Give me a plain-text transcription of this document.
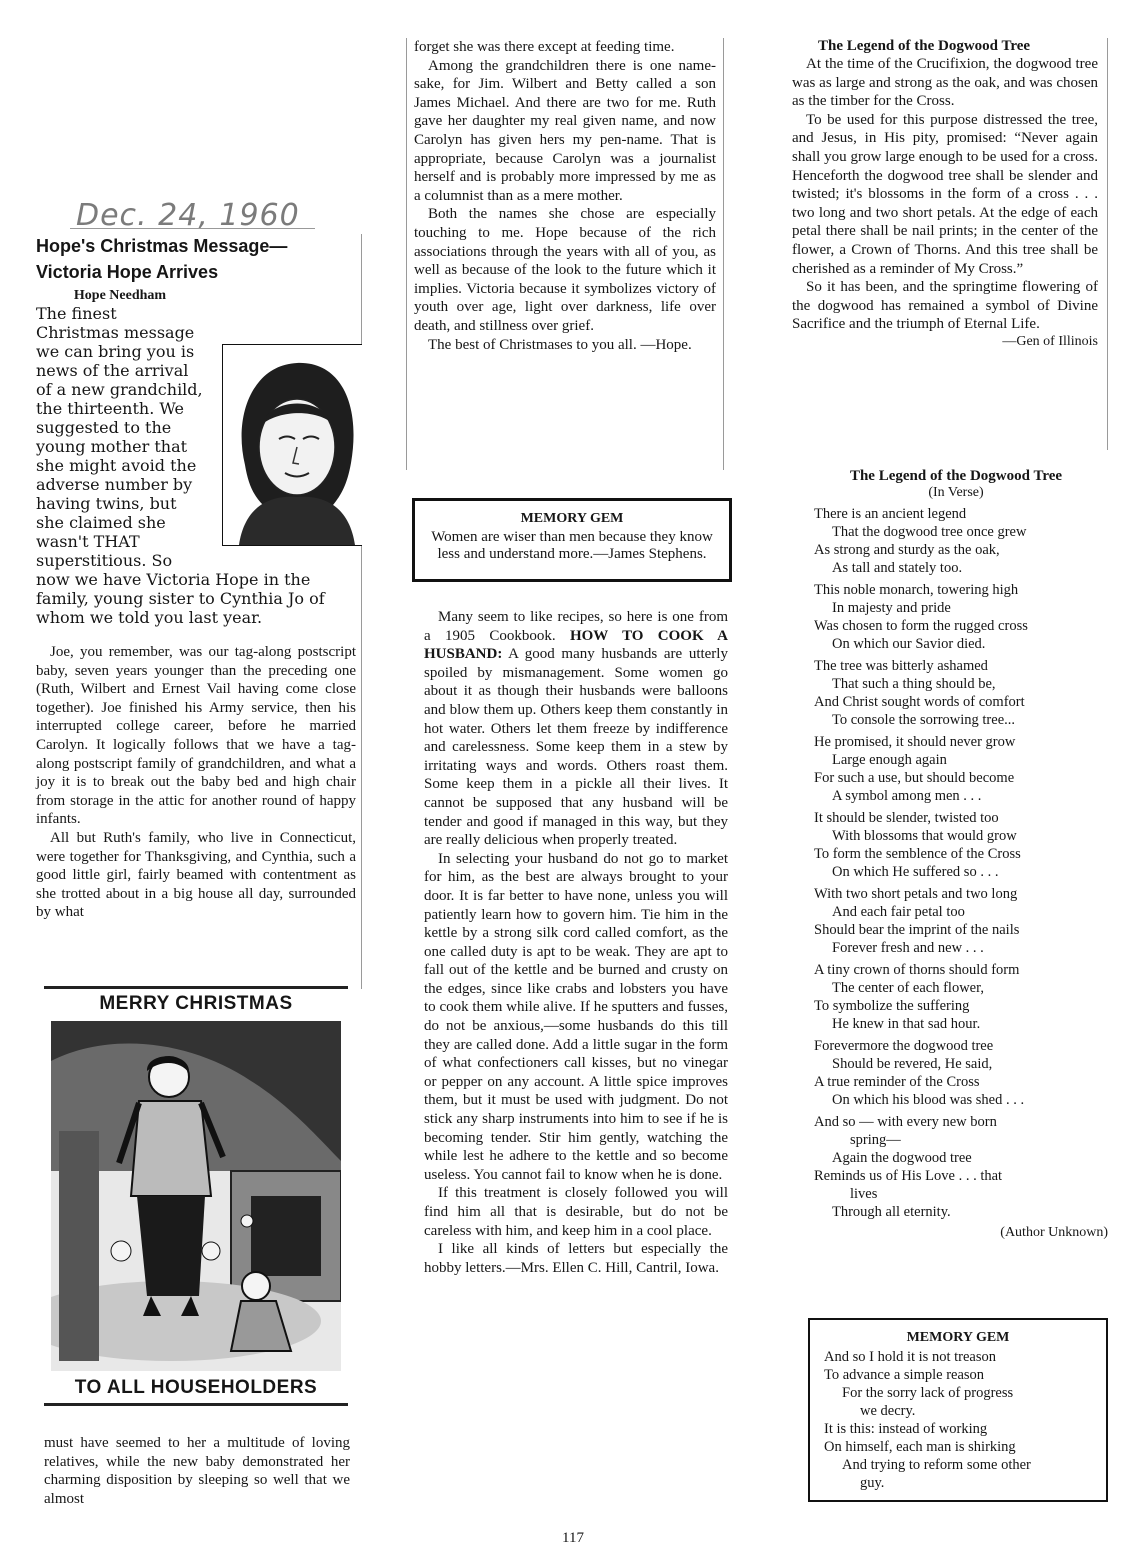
Dec. 24, 1960
Hope's Christmas Message—
Victoria Hope Arrives

Hope Needham
The finest Christmas message we can bring you is news of the arrival of a new grandchild, the thirteenth. We suggested to the young mother that she might avoid the adverse number by having twins, but she claimed she wasn't THAT superstitious. So now we have Victoria Hope in the family, young sister to Cynthia Jo of whom we told you last year.

Joe, you remember, was our tag-along postscript baby, seven years younger than the preceding one (Ruth, Wilbert and Ernest Vail having come close together). Joe finished his Army service, then his interrupted college career, before he married Carolyn. It logically follows that we have a tag-along postscript family of grandchildren, and what a joy it is to break out the baby bed and high chair from storage in the attic for another round of happy infants.

All but Ruth's family, who live in Connecticut, were together for Thanksgiving, and Cynthia, such a good little girl, fairly beamed with contentment as she trotted about in a big house all day, surrounded by what

MERRY CHRISTMAS
TO ALL HOUSEHOLDERS

must have seemed to her a multitude of loving relatives, while the new baby demonstrated her charming disposition by sleeping so well that we almost

forget she was there except at feeding time.

Among the grandchildren there is one name-sake, for Jim. Wilbert and Betty called a son James Michael. And there are two for me. Ruth gave her daughter my real given name, and now Carolyn has given hers my pen-name. That is appropriate, because Carolyn was a journalist herself and is probably more impressed by me as a columnist than as a mere mother.

Both the names she chose are especially touching to me. Hope because of the rich associations through the years with all of you, as well as because of the look to the future which it implies. Victoria because it symbolizes victory of youth over age, light over darkness, life over death, and stillness over grief.

The best of Christmases to you all. —Hope.

MEMORY GEM
Women are wiser than men because they know less and understand more.—James Stephens.

Many seem to like recipes, so here is one from a 1905 Cookbook. HOW TO COOK A HUSBAND: A good many husbands are utterly spoiled by mismanagement. Some women go about it as though their husbands were balloons and blow them up. Others keep them constantly in hot water. Others let them freeze by indifference and carelessness. Some keep them in a stew by irritating ways and words. Others roast them. Some keep them in a pickle all their lives. It cannot be supposed that any husband will be tender and good if managed in this way, but they are really delicious when properly treated.

In selecting your husband do not go to market for him, as the best are always brought to your door. It is far better to have none, unless you will patiently learn how to govern him. Tie him in the kettle by a strong silk cord called comfort, as the one called duty is apt to be weak. They are apt to fall out of the kettle and be burned and crusty on the edges, since like crabs and lobsters you have to cook them while alive. If he sputters and fusses, do not be anxious,—some husbands do this till they are called done. Add a little sugar in the form of what confectioners call kisses, but no vinegar or pepper on any account. A little spice improves them, but it must be used with judgment. Do not stick any sharp instruments into him to see if he is becoming tender. Stir him gently, watching the while lest he adhere to the kettle and so become useless. You cannot fail to know when he is done.

If this treatment is closely followed you will find him all that is desirable, but do not be careless with him, and keep him in a cool place.

I like all kinds of letters but especially the hobby letters.—Mrs. Ellen C. Hill, Cantril, Iowa.

The Legend of the Dogwood Tree

At the time of the Crucifixion, the dogwood tree was as large and strong as the oak, and was chosen as the timber for the Cross.

To be used for this purpose distressed the tree, and Jesus, in His pity, promised: “Never again shall you grow large enough to be used for a cross. Henceforth the dogwood tree shall be slender and twisted; it's blossoms in the form of a cross . . . two long and two short petals. At the edge of each petal there shall be nail prints; in the center of the flower, a Crown of Thorns. And this tree shall be cherished as a reminder of My Cross.”

So it has been, and the springtime flowering of the dogwood has remained a symbol of Divine Sacrifice and the triumph of Eternal Life.

—Gen of Illinois
The Legend of the Dogwood Tree
(In Verse)
There is an ancient legend
That the dogwood tree once grew
As strong and sturdy as the oak,
As tall and stately too.
This noble monarch, towering high
In majesty and pride
Was chosen to form the rugged cross
On which our Savior died.
The tree was bitterly ashamed
That such a thing should be,
And Christ sought words of comfort
To console the sorrowing tree...
He promised, it should never grow
Large enough again
For such a use, but should become
A symbol among men . . .
It should be slender, twisted too
With blossoms that would grow
To form the semblence of the Cross
On which He suffered so . . .
With two short petals and two long
And each fair petal too
Should bear the imprint of the nails
Forever fresh and new . . .
A tiny crown of thorns should form
The center of each flower,
To symbolize the suffering
He knew in that sad hour.
Forevermore the dogwood tree
Should be revered, He said,
A true reminder of the Cross
On which his blood was shed . . .
And so — with every new born
spring—
Again the dogwood tree
Reminds us of His Love . . . that
lives
Through all eternity.
(Author Unknown)
MEMORY GEM
And so I hold it is not treason
To advance a simple reason
For the sorry lack of progress
we decry.
It is this: instead of working
On himself, each man is shirking
And trying to reform some other
guy.
117
